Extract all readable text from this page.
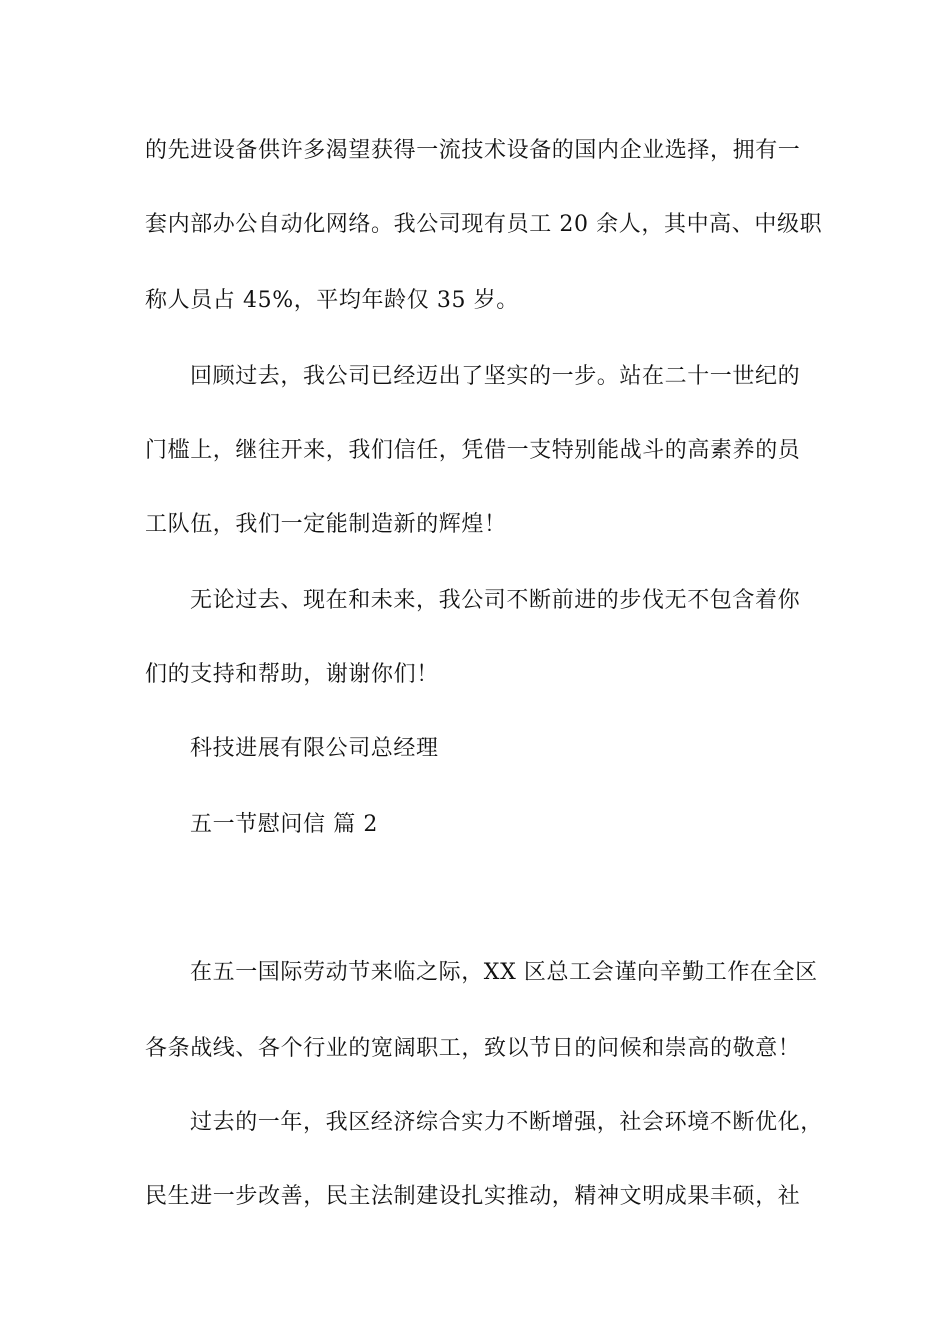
的先进设备供许多渴望获得一流技术设备的国内企业选择，拥有一
套内部办公自动化网络。我公司现有员工 20 余人，其中高、中级职
称人员占 45%，平均年龄仅 35 岁。
回顾过去，我公司已经迈出了坚实的一步。站在二十一世纪的
门槛上，继往开来，我们信任，凭借一支特别能战斗的高素养的员
工队伍，我们一定能制造新的辉煌！
无论过去、现在和未来，我公司不断前进的步伐无不包含着你
们的支持和帮助，谢谢你们！
科技进展有限公司总经理
五一节慰问信 篇 2
在五一国际劳动节来临之际，XX 区总工会谨向辛勤工作在全区
各条战线、各个行业的宽阔职工，致以节日的问候和崇高的敬意！
过去的一年，我区经济综合实力不断增强，社会环境不断优化，
民生进一步改善，民主法制建设扎实推动，精神文明成果丰硕，社
